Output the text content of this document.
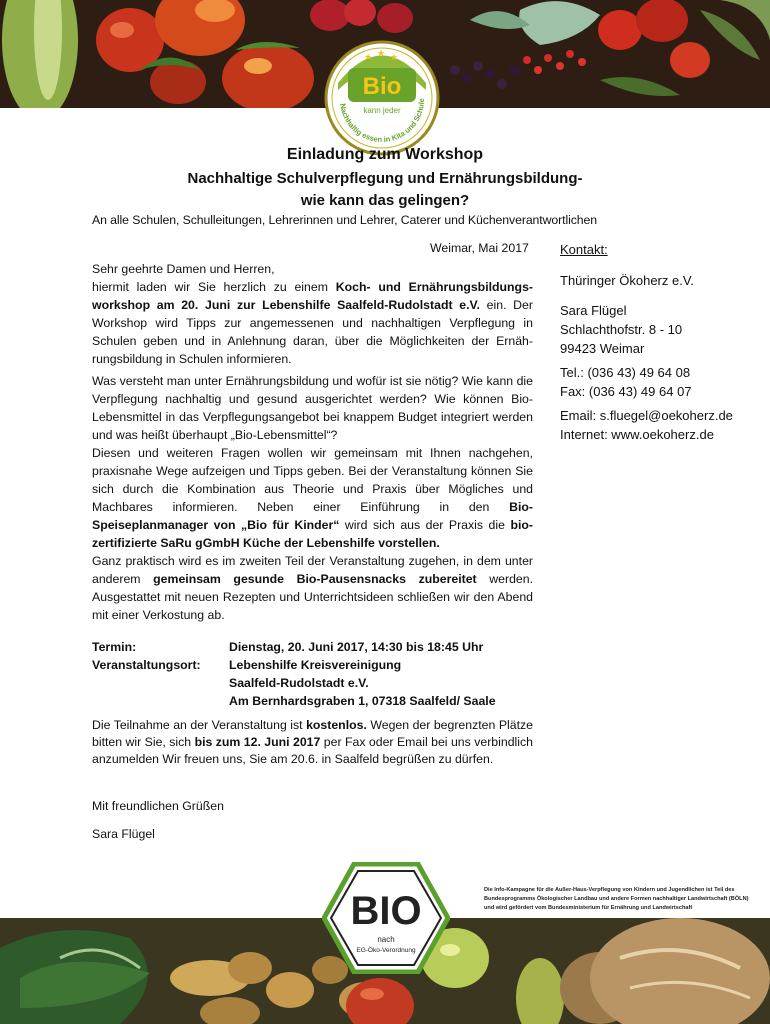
★ ★ ★
Bio
kann jeder
Nachhaltig essen in Kita und Schule
Einladung zum Workshop
Nachhaltige Schulverpflegung und Ernährungsbildung-
wie kann das gelingen?
An alle Schulen, Schulleitungen, Lehrerinnen und Lehrer, Caterer und Küchenverantwortlichen
Weimar, Mai 2017

Sehr geehrte Damen und Herren,

hiermit laden wir Sie herzlich zu einem Koch- und Ernährungsbildungs-workshop am 20. Juni zur Lebenshilfe Saalfeld-Rudolstadt e.V. ein. Der Workshop wird Tipps zur angemessenen und nachhaltigen Verpflegung in Schulen geben und in Anlehnung daran, über die Möglichkeiten der Ernäh-rungsbildung in Schulen informieren.

Was versteht man unter Ernährungsbildung und wofür ist sie nötig? Wie kann die Verpflegung nachhaltig und gesund ausgerichtet werden? Wie können Bio-Lebensmittel in das Verpflegungsangebot bei knappem Budget integriert werden und was heißt überhaupt „Bio-Lebensmittel“?

Diesen und weiteren Fragen wollen wir gemeinsam mit Ihnen nachgehen, praxisnahe Wege aufzeigen und Tipps geben. Bei der Veranstaltung können Sie sich durch die Kombination aus Theorie und Praxis über Mögliches und Machbares informieren. Neben einer Einführung in den Bio-Speiseplanmanager von „Bio für Kinder“ wird sich aus der Praxis die bio-zertifizierte SaRu gGmbH Küche der Lebenshilfe vorstellen.

Ganz praktisch wird es im zweiten Teil der Veranstaltung zugehen, in dem unter anderem gemeinsam gesunde Bio-Pausensnacks zubereitet werden. Ausgestattet mit neuen Rezepten und Unterrichtsideen schließen wir den Abend mit einer Verkostung ab.

Termin:	Dienstag, 20. Juni 2017, 14:30 bis 18:45 Uhr
Veranstaltungsort:	Lebenshilfe Kreisvereinigung
Saalfeld-Rudolstadt e.V.
Am Bernhardsgraben 1, 07318 Saalfeld/ Saale

Die Teilnahme an der Veranstaltung ist kostenlos. Wegen der begrenzten Plätze bitten wir Sie, sich bis zum 12. Juni 2017 per Fax oder Email bei uns verbindlich anzumelden Wir freuen uns, Sie am 20.6. in Saalfeld begrüßen zu dürfen.

Mit freundlichen Grüßen
Sara Flügel
Kontakt:
Thüringer Ökoherz e.V.
Sara Flügel
Schlachthofstr. 8 - 10
99423 Weimar
Tel.: (036 43) 49 64 08
Fax: (036 43) 49 64 07
Email: s.fluegel@oekoherz.de
Internet: www.oekoherz.de
BIO
nach
EG-Öko-Verordnung
Die Info-Kampagne für die Außer-Haus-Verpflegung von Kindern und Jugendlichen ist Teil des Bundesprogramms Ökologischer Landbau und andere Formen nachhaltiger Landwirtschaft (BÖLN) und wird gefördert vom Bundesministerium für Ernährung und Landwirtschaft
